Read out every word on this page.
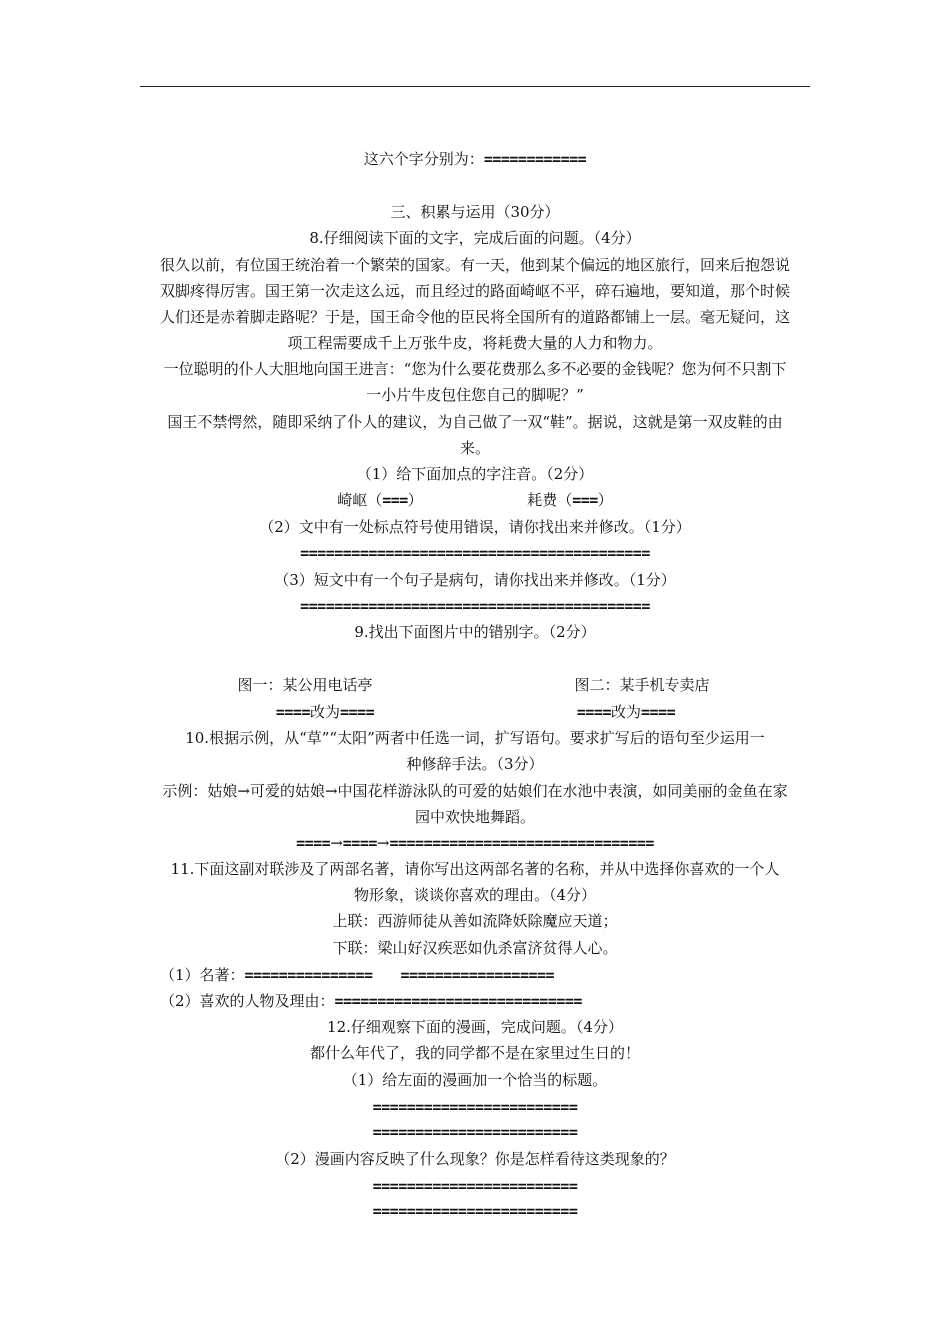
这六个字分别为：============
三、积累与运用（30分）
8.仔细阅读下面的文字，完成后面的问题。（4分）
很久以前，有位国王统治着一个繁荣的国家。有一天，他到某个偏远的地区旅行，回来后抱怨说
双脚疼得厉害。国王第一次走这么远，而且经过的路面崎岖不平，碎石遍地，要知道，那个时候
人们还是赤着脚走路呢？于是，国王命令他的臣民将全国所有的道路都铺上一层。毫无疑问，这
项工程需要成千上万张牛皮，将耗费大量的人力和物力。
一位聪明的仆人大胆地向国王进言：“您为什么要花费那么多不必要的金钱呢？您为何不只割下
一小片牛皮包住您自己的脚呢？”
国王不禁愕然，随即采纳了仆人的建议，为自己做了一双“鞋”。据说，这就是第一双皮鞋的由
来。
（1）给下面加点的字注音。（2分）
崎岖（===）	耗费（===）
（2）文中有一处标点符号使用错误，请你找出来并修改。（1分）
=========================================
（3）短文中有一个句子是病句，请你找出来并修改。（1分）
=========================================
9.找出下面图片中的错别字。（2分）
图一：某公用电话亭	图二：某手机专卖店
====改为====	====改为====
10.根据示例，从“草”“太阳”两者中任选一词，扩写语句。要求扩写后的语句至少运用一
种修辞手法。（3分）
示例：姑娘→可爱的姑娘→中国花样游泳队的可爱的姑娘们在水池中表演，如同美丽的金鱼在家
园中欢快地舞蹈。
====→====→===============================
11.下面这副对联涉及了两部名著，请你写出这两部名著的名称，并从中选择你喜欢的一个人
物形象，谈谈你喜欢的理由。（4分）
上联：西游师徒从善如流降妖除魔应天道；
下联：梁山好汉疾恶如仇杀富济贫得人心。
（1）名著：=============== ==================
（2）喜欢的人物及理由：=============================
12.仔细观察下面的漫画，完成问题。（4分）
都什么年代了，我的同学都不是在家里过生日的！
（1）给左面的漫画加一个恰当的标题。
========================
========================
（2）漫画内容反映了什么现象？你是怎样看待这类现象的？
========================
========================
